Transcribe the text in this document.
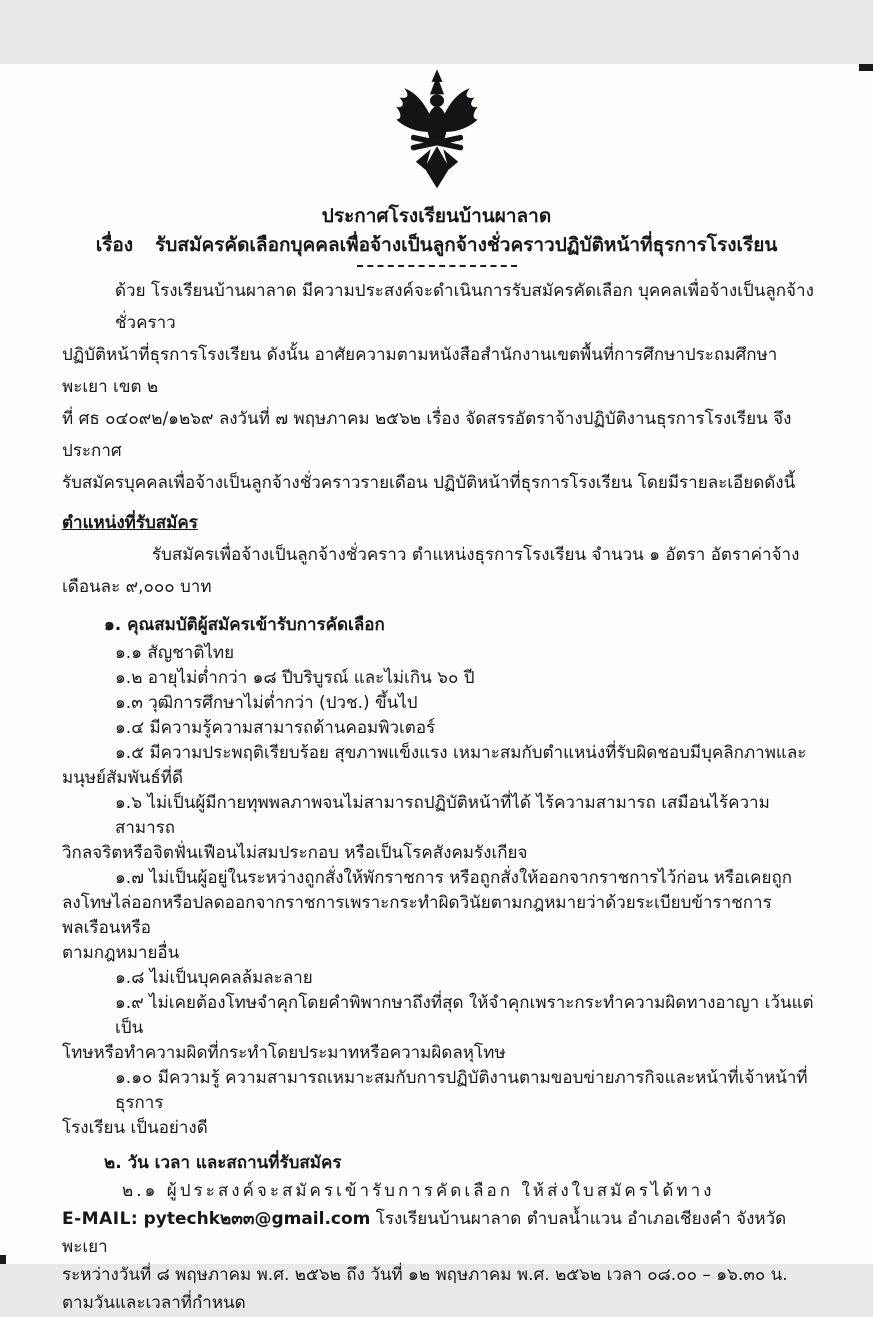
ประกาศโรงเรียนบ้านผาลาด
เรื่อง รับสมัครคัดเลือกบุคคลเพื่อจ้างเป็นลูกจ้างชั่วคราวปฏิบัติหน้าที่ธุรการโรงเรียน
ด้วย โรงเรียนบ้านผาลาด มีความประสงค์จะดำเนินการรับสมัครคัดเลือก บุคคลเพื่อจ้างเป็นลูกจ้างชั่วคราว
ปฏิบัติหน้าที่ธุรการโรงเรียน ดังนั้น อาศัยความตามหนังสือสำนักงานเขตพื้นที่การศึกษาประถมศึกษาพะเยา เขต ๒
ที่ ศธ ๐๔๐๙๒/๑๒๖๙ ลงวันที่ ๗ พฤษภาคม ๒๕๖๒ เรื่อง จัดสรรอัตราจ้างปฏิบัติงานธุรการโรงเรียน จึงประกาศ
รับสมัครบุคคลเพื่อจ้างเป็นลูกจ้างชั่วคราวรายเดือน ปฏิบัติหน้าที่ธุรการโรงเรียน โดยมีรายละเอียดดังนี้
ตำแหน่งที่รับสมัคร
รับสมัครเพื่อจ้างเป็นลูกจ้างชั่วคราว ตำแหน่งธุรการโรงเรียน จำนวน ๑ อัตรา อัตราค่าจ้าง
เดือนละ ๙,๐๐๐ บาท
๑. คุณสมบัติผู้สมัครเข้ารับการคัดเลือก
๑.๑ สัญชาติไทย
๑.๒ อายุไม่ต่ำกว่า ๑๘ ปีบริบูรณ์ และไม่เกิน ๖๐ ปี
๑.๓ วุฒิการศึกษาไม่ต่ำกว่า (ปวช.) ขึ้นไป
๑.๔ มีความรู้ความสามารถด้านคอมพิวเตอร์
๑.๕ มีความประพฤติเรียบร้อย สุขภาพแข็งแรง เหมาะสมกับตำแหน่งที่รับผิดชอบมีบุคลิกภาพและ
มนุษย์สัมพันธ์ที่ดี
๑.๖ ไม่เป็นผู้มีกายทุพพลภาพจนไม่สามารถปฏิบัติหน้าที่ได้ ไร้ความสามารถ เสมือนไร้ความสามารถ
วิกลจริตหรือจิตฟั่นเฟือนไม่สมประกอบ หรือเป็นโรคสังคมรังเกียจ
๑.๗ ไม่เป็นผู้อยู่ในระหว่างถูกสั่งให้พักราชการ หรือถูกสั่งให้ออกจากราชการไว้ก่อน หรือเคยถูก
ลงโทษไล่ออกหรือปลดออกจากราชการเพราะกระทำผิดวินัยตามกฎหมายว่าด้วยระเบียบข้าราชการพลเรือนหรือ
ตามกฎหมายอื่น
๑.๘ ไม่เป็นบุคคลล้มละลาย
๑.๙ ไม่เคยต้องโทษจำคุกโดยคำพิพากษาถึงที่สุด ให้จำคุกเพราะกระทำความผิดทางอาญา เว้นแต่เป็น
โทษหรือทำความผิดที่กระทำโดยประมาทหรือความผิดลหุโทษ
๑.๑๐ มีความรู้ ความสามารถเหมาะสมกับการปฏิบัติงานตามขอบข่ายภารกิจและหน้าที่เจ้าหน้าที่ธุรการ
โรงเรียน เป็นอย่างดี
๒. วัน เวลา และสถานที่รับสมัคร
๒.๑ ผู้ประสงค์จะสมัครเข้ารับการคัดเลือก ให้ส่งใบสมัครได้ทาง
E-MAIL: pytechk๒๓๓@gmail.com โรงเรียนบ้านผาลาด ตำบลน้ำแวน อำเภอเชียงคำ จังหวัดพะเยา
ระหว่างวันที่ ๘ พฤษภาคม พ.ศ. ๒๕๖๒ ถึง วันที่ ๑๒ พฤษภาคม พ.ศ. ๒๕๖๒ เวลา ๐๘.๐๐ – ๑๖.๓๐ น.
ตามวันและเวลาที่กำหนด
